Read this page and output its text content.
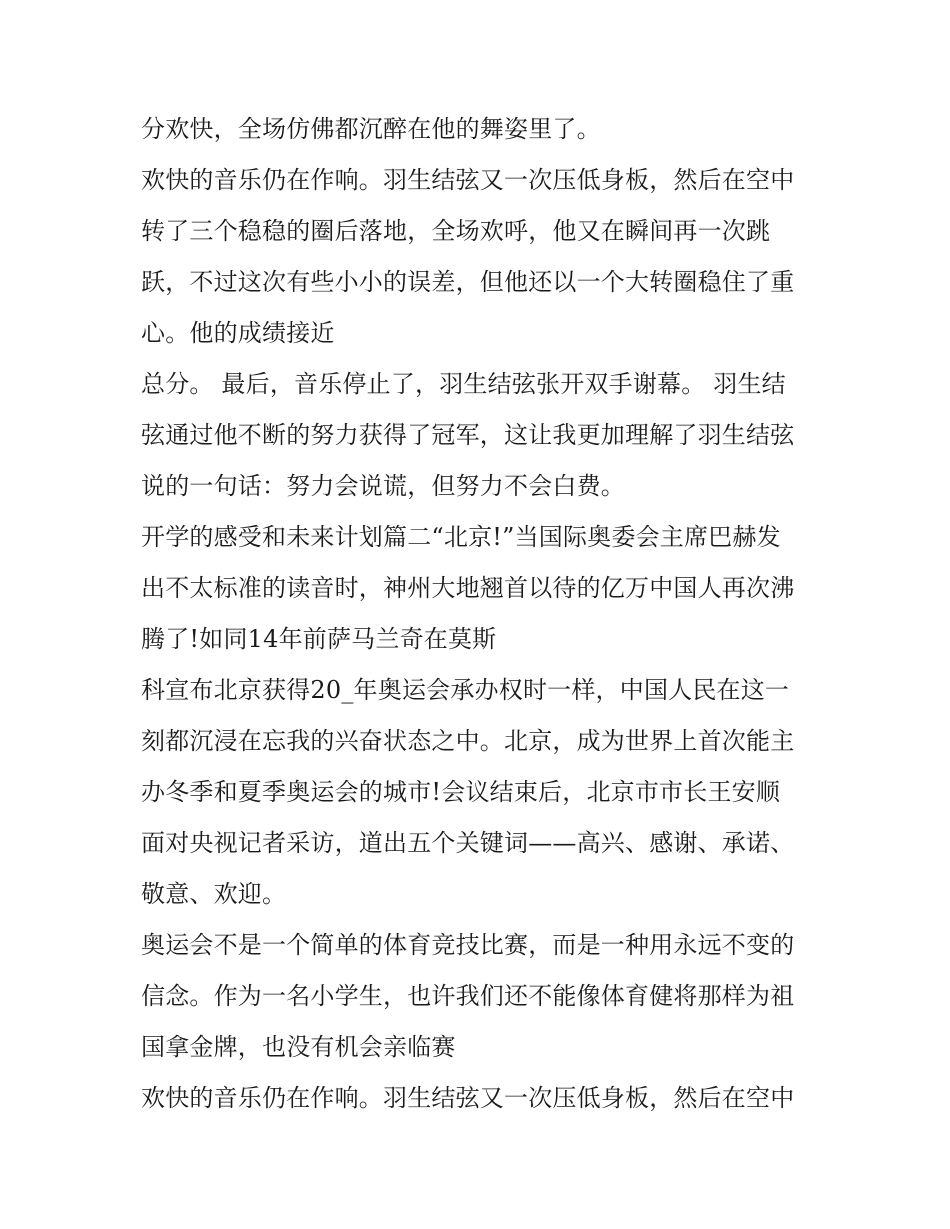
分欢快，全场仿佛都沉醉在他的舞姿里了。
欢快的音乐仍在作响。羽生结弦又一次压低身板，然后在空中
转了三个稳稳的圈后落地，全场欢呼，他又在瞬间再一次跳
跃，不过这次有些小小的误差，但他还以一个大转圈稳住了重
心。他的成绩接近
总分。 最后，音乐停止了，羽生结弦张开双手谢幕。 羽生结
弦通过他不断的努力获得了冠军，这让我更加理解了羽生结弦
说的一句话：努力会说谎，但努力不会白费。
开学的感受和未来计划篇二“北京!”当国际奥委会主席巴赫发
出不太标准的读音时，神州大地翘首以待的亿万中国人再次沸
腾了!如同14年前萨马兰奇在莫斯
科宣布北京获得20_年奥运会承办权时一样，中国人民在这一
刻都沉浸在忘我的兴奋状态之中。北京，成为世界上首次能主
办冬季和夏季奥运会的城市!会议结束后，北京市市长王安顺
面对央视记者采访，道出五个关键词——高兴、感谢、承诺、
敬意、欢迎。
奥运会不是一个简单的体育竞技比赛，而是一种用永远不变的
信念。作为一名小学生，也许我们还不能像体育健将那样为祖
国拿金牌，也没有机会亲临赛
欢快的音乐仍在作响。羽生结弦又一次压低身板，然后在空中
